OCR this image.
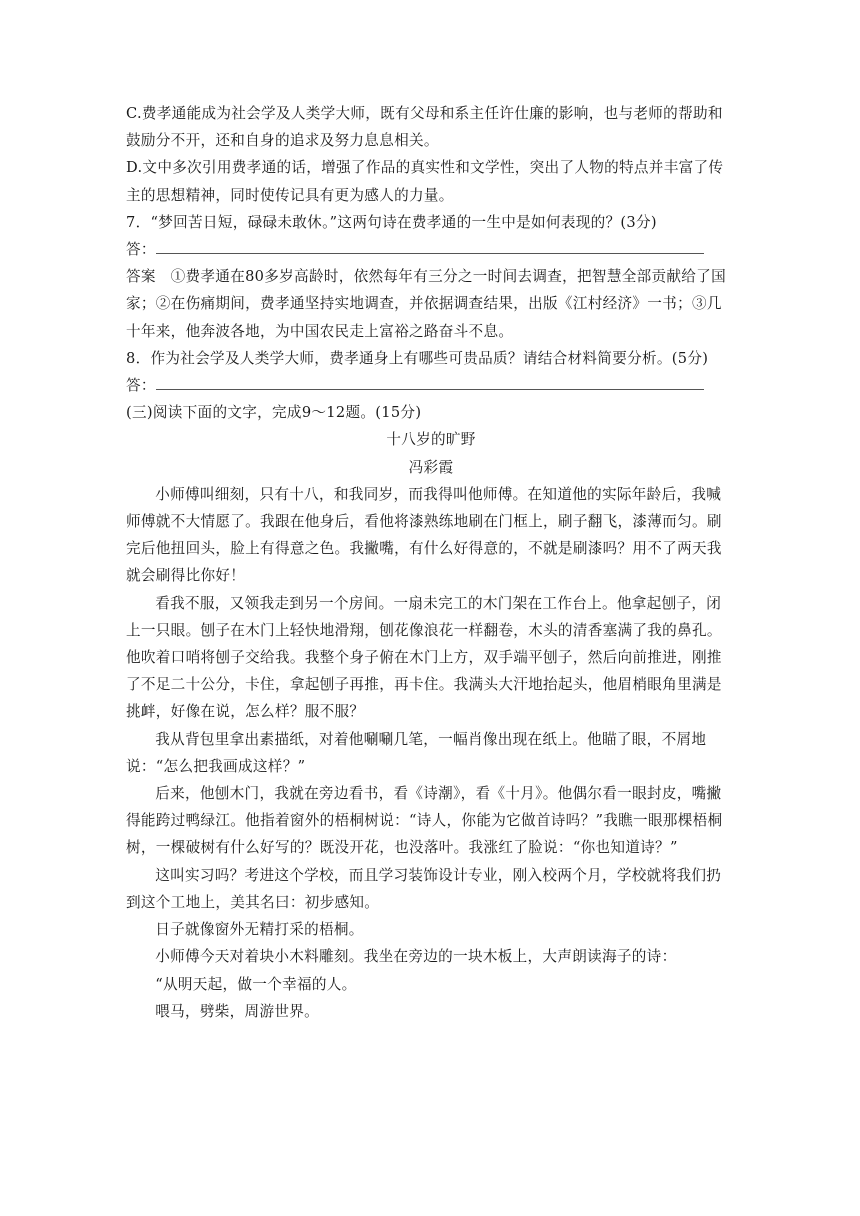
C.费孝通能成为社会学及人类学大师，既有父母和系主任许仕廉的影响，也与老师的帮助和鼓励分不开，还和自身的追求及努力息息相关。
D.文中多次引用费孝通的话，增强了作品的真实性和文学性，突出了人物的特点并丰富了传主的思想精神，同时使传记具有更为感人的力量。
7．“梦回苦日短，碌碌未敢休。”这两句诗在费孝通的一生中是如何表现的？(3分)
答：
答案 ①费孝通在80多岁高龄时，依然每年有三分之一时间去调查，把智慧全部贡献给了国家；②在伤痛期间，费孝通坚持实地调查，并依据调查结果，出版《江村经济》一书；③几十年来，他奔波各地，为中国农民走上富裕之路奋斗不息。
8．作为社会学及人类学大师，费孝通身上有哪些可贵品质？请结合材料简要分析。(5分)
答：
(三)阅读下面的文字，完成9～12题。(15分)
十八岁的旷野
冯彩霞
小师傅叫细刻，只有十八，和我同岁，而我得叫他师傅。在知道他的实际年龄后，我喊师傅就不大情愿了。我跟在他身后，看他将漆熟练地刷在门框上，刷子翻飞，漆薄而匀。刷完后他扭回头，脸上有得意之色。我撇嘴，有什么好得意的，不就是刷漆吗？用不了两天我就会刷得比你好！
看我不服，又领我走到另一个房间。一扇未完工的木门架在工作台上。他拿起刨子，闭上一只眼。刨子在木门上轻快地滑翔，刨花像浪花一样翻卷，木头的清香塞满了我的鼻孔。他吹着口哨将刨子交给我。我整个身子俯在木门上方，双手端平刨子，然后向前推进，刚推了不足二十公分，卡住，拿起刨子再推，再卡住。我满头大汗地抬起头，他眉梢眼角里满是挑衅，好像在说，怎么样？服不服？
我从背包里拿出素描纸，对着他唰唰几笔，一幅肖像出现在纸上。他瞄了眼，不屑地说：“怎么把我画成这样？”
后来，他刨木门，我就在旁边看书，看《诗潮》，看《十月》。他偶尔看一眼封皮，嘴撇得能跨过鸭绿江。他指着窗外的梧桐树说：“诗人，你能为它做首诗吗？”我瞧一眼那棵梧桐树，一棵破树有什么好写的？既没开花，也没落叶。我涨红了脸说：“你也知道诗？”
这叫实习吗？考进这个学校，而且学习装饰设计专业，刚入校两个月，学校就将我们扔到这个工地上，美其名曰：初步感知。
日子就像窗外无精打采的梧桐。
小师傅今天对着块小木料雕刻。我坐在旁边的一块木板上，大声朗读海子的诗：
“从明天起，做一个幸福的人。
喂马，劈柴，周游世界。
